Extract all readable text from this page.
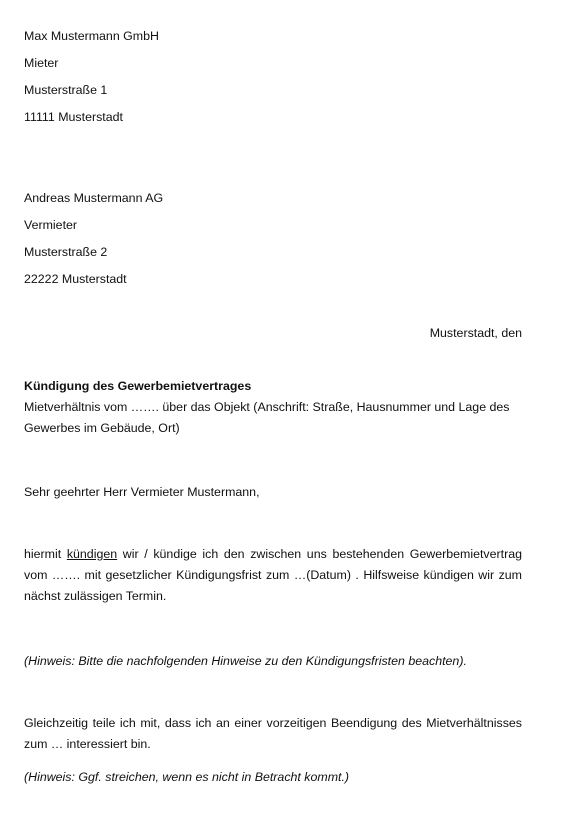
Max Mustermann GmbH
Mieter
Musterstraße 1
11111 Musterstadt
Andreas Mustermann AG
Vermieter
Musterstraße 2
22222 Musterstadt
Musterstadt, den
Kündigung des Gewerbemietvertrages
Mietverhältnis vom ……. über das Objekt (Anschrift: Straße, Hausnummer und Lage des
Gewerbes im Gebäude, Ort)
Sehr geehrter Herr Vermieter Mustermann,
hiermit kündigen wir / kündige ich den zwischen uns bestehenden Gewerbemietvertrag vom ……. mit gesetzlicher Kündigungsfrist zum …(Datum) . Hilfsweise kündigen wir zum nächst zulässigen Termin.
(Hinweis: Bitte die nachfolgenden Hinweise zu den Kündigungsfristen beachten).
Gleichzeitig teile ich mit, dass ich an einer vorzeitigen Beendigung des Mietverhältnisses zum … interessiert bin.
(Hinweis: Ggf. streichen, wenn es nicht in Betracht kommt.)
